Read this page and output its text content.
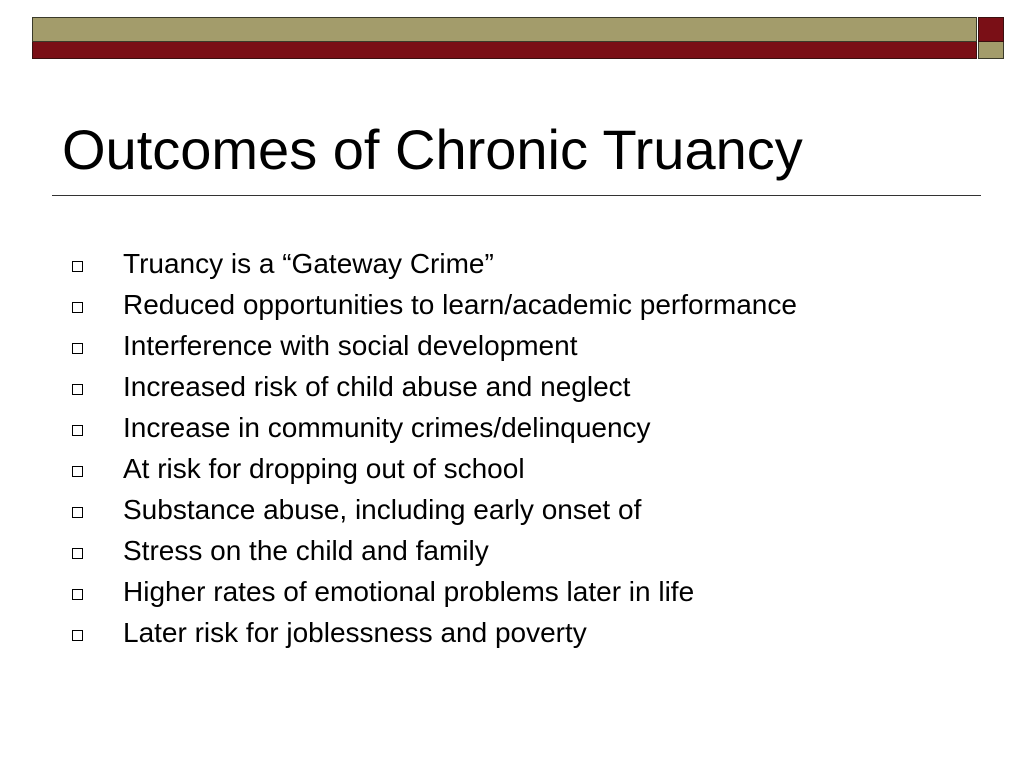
Outcomes of Chronic Truancy
Truancy is a “Gateway Crime”
Reduced opportunities to learn/academic performance
Interference with social development
Increased risk of child abuse and neglect
Increase in community crimes/delinquency
At risk for dropping out of school
Substance abuse, including early onset of
Stress on the child and family
Higher rates of emotional problems later in life
Later risk for joblessness and poverty
